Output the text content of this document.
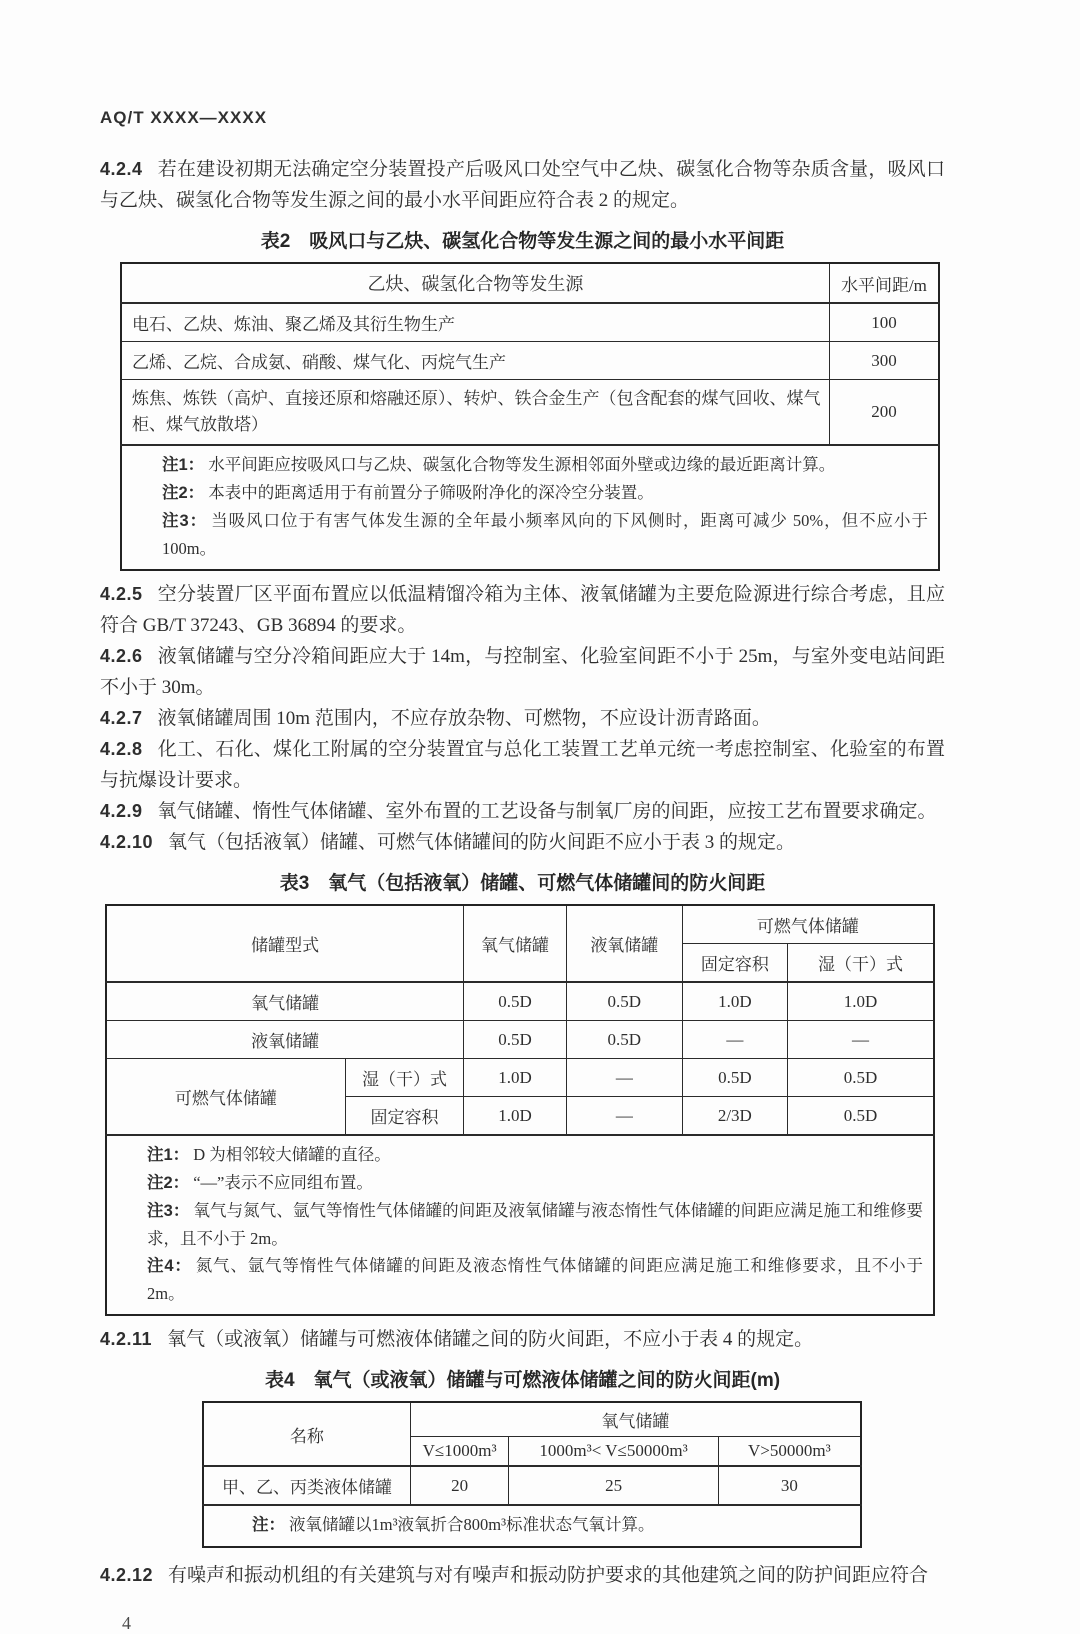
AQ/T XXXX—XXXX

4.2.4 若在建设初期无法确定空分装置投产后吸风口处空气中乙炔、碳氢化合物等杂质含量，吸风口与乙炔、碳氢化合物等发生源之间的最小水平间距应符合表 2 的规定。

表2　吸风口与乙炔、碳氢化合物等发生源之间的最小水平间距
乙炔、碳氢化合物等发生源	水平间距/m
电石、乙炔、炼油、聚乙烯及其衍生物生产	100
乙烯、乙烷、合成氨、硝酸、煤气化、丙烷气生产	300
炼焦、炼铁（高炉、直接还原和熔融还原）、转炉、铁合金生产（包含配套的煤气回收、煤气柜、煤气放散塔）	200

注1： 水平间距应按吸风口与乙炔、碳氢化合物等发生源相邻面外壁或边缘的最近距离计算。
注2： 本表中的距离适用于有前置分子筛吸附净化的深冷空分装置。
注3： 当吸风口位于有害气体发生源的全年最小频率风向的下风侧时，距离可减少 50%，但不应小于 100m。	

4.2.5 空分装置厂区平面布置应以低温精馏冷箱为主体、液氧储罐为主要危险源进行综合考虑，且应符合 GB/T 37243、GB 36894 的要求。

4.2.6 液氧储罐与空分冷箱间距应大于 14m，与控制室、化验室间距不小于 25m，与室外变电站间距不小于 30m。

4.2.7 液氧储罐周围 10m 范围内，不应存放杂物、可燃物，不应设计沥青路面。

4.2.8 化工、石化、煤化工附属的空分装置宜与总化工装置工艺单元统一考虑控制室、化验室的布置与抗爆设计要求。

4.2.9 氧气储罐、惰性气体储罐、室外布置的工艺设备与制氧厂房的间距，应按工艺布置要求确定。

4.2.10 氧气（包括液氧）储罐、可燃气体储罐间的防火间距不应小于表 3 的规定。

表3　氧气（包括液氧）储罐、可燃气体储罐间的防火间距
储罐型式		氧气储罐	液氧储罐	可燃气体储罐	
				固定容积	湿（干）式
氧气储罐		0.5D	0.5D	1.0D	1.0D
液氧储罐		0.5D	0.5D	—	—
可燃气体储罐	湿（干）式	1.0D	—	0.5D	0.5D
	固定容积	1.0D	—	2/3D	0.5D

注1： D 为相邻较大储罐的直径。
注2： “—”表示不应同组布置。
注3： 氧气与氮气、氩气等惰性气体储罐的间距及液氧储罐与液态惰性气体储罐的间距应满足施工和维修要求，且不小于 2m。
注4： 氮气、氩气等惰性气体储罐的间距及液态惰性气体储罐的间距应满足施工和维修要求，且不小于 2m。					

4.2.11 氧气（或液氧）储罐与可燃液体储罐之间的防火间距，不应小于表 4 的规定。

表4　氧气（或液氧）储罐与可燃液体储罐之间的防火间距(m)
名称	氧气储罐		
	V≤1000m³	1000m³< V≤50000m³	V>50000m³
甲、乙、丙类液体储罐	20	25	30

注： 液氧储罐以1m³液氧折合800m³标准状态气氧计算。			

4.2.12 有噪声和振动机组的有关建筑与对有噪声和振动防护要求的其他建筑之间的防护间距应符合

4
